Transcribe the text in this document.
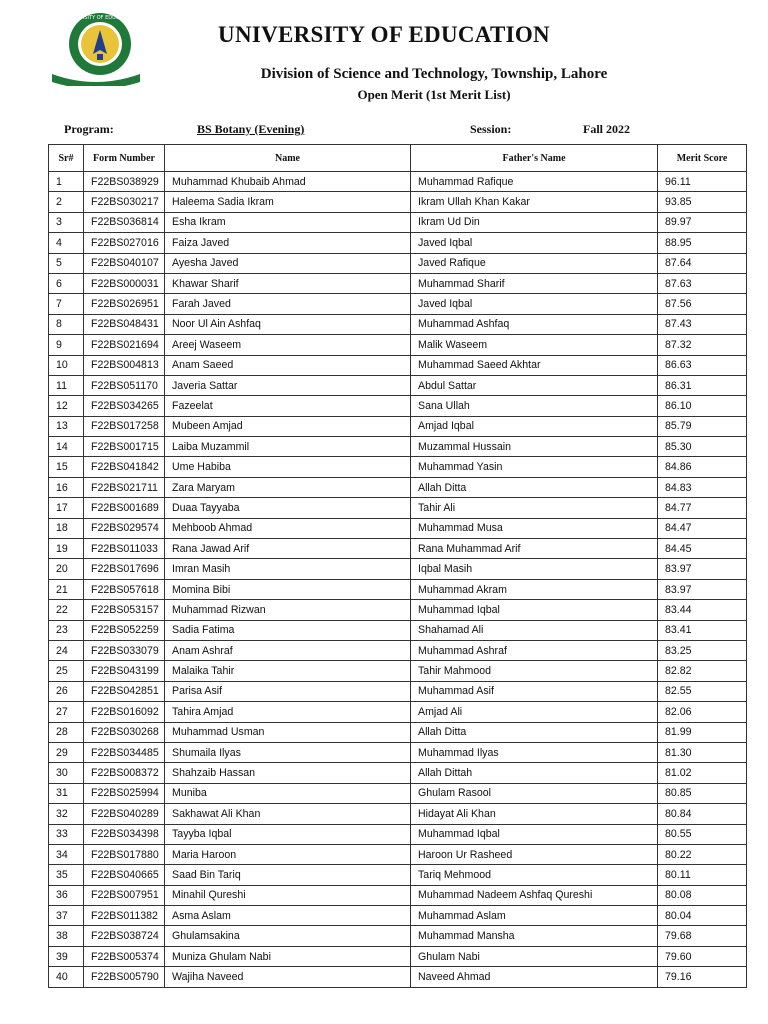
UNIVERSITY OF EDUCATION
UNIVERSITY OF EDUCATION
Division of Science and Technology, Township, Lahore
Open Merit (1st Merit List)
Program:	BS Botany (Evening)	Session:	Fall 2022
Sr#	Form Number	Name	Father's Name	Merit Score
1	F22BS038929	Muhammad Khubaib Ahmad	Muhammad Rafique	96.11
2	F22BS030217	Haleema Sadia Ikram	Ikram Ullah Khan Kakar	93.85
3	F22BS036814	Esha Ikram	Ikram Ud Din	89.97
4	F22BS027016	Faiza Javed	Javed Iqbal	88.95
5	F22BS040107	Ayesha Javed	Javed Rafique	87.64
6	F22BS000031	Khawar Sharif	Muhammad Sharif	87.63
7	F22BS026951	Farah Javed	Javed Iqbal	87.56
8	F22BS048431	Noor Ul Ain Ashfaq	Muhammad Ashfaq	87.43
9	F22BS021694	Areej Waseem	Malik Waseem	87.32
10	F22BS004813	Anam Saeed	Muhammad Saeed Akhtar	86.63
11	F22BS051170	Javeria Sattar	Abdul Sattar	86.31
12	F22BS034265	Fazeelat	Sana Ullah	86.10
13	F22BS017258	Mubeen Amjad	Amjad Iqbal	85.79
14	F22BS001715	Laiba Muzammil	Muzammal Hussain	85.30
15	F22BS041842	Ume Habiba	Muhammad Yasin	84.86
16	F22BS021711	Zara Maryam	Allah Ditta	84.83
17	F22BS001689	Duaa Tayyaba	Tahir Ali	84.77
18	F22BS029574	Mehboob Ahmad	Muhammad Musa	84.47
19	F22BS011033	Rana Jawad Arif	Rana Muhammad Arif	84.45
20	F22BS017696	Imran Masih	Iqbal Masih	83.97
21	F22BS057618	Momina Bibi	Muhammad Akram	83.97
22	F22BS053157	Muhammad Rizwan	Muhammad Iqbal	83.44
23	F22BS052259	Sadia Fatima	Shahamad Ali	83.41
24	F22BS033079	Anam Ashraf	Muhammad Ashraf	83.25
25	F22BS043199	Malaika Tahir	Tahir Mahmood	82.82
26	F22BS042851	Parisa Asif	Muhammad Asif	82.55
27	F22BS016092	Tahira Amjad	Amjad Ali	82.06
28	F22BS030268	Muhammad Usman	Allah Ditta	81.99
29	F22BS034485	Shumaila Ilyas	Muhammad Ilyas	81.30
30	F22BS008372	Shahzaib Hassan	Allah Dittah	81.02
31	F22BS025994	Muniba	Ghulam Rasool	80.85
32	F22BS040289	Sakhawat Ali Khan	Hidayat Ali Khan	80.84
33	F22BS034398	Tayyba Iqbal	Muhammad Iqbal	80.55
34	F22BS017880	Maria Haroon	Haroon Ur Rasheed	80.22
35	F22BS040665	Saad Bin Tariq	Tariq Mehmood	80.11
36	F22BS007951	Minahil Qureshi	Muhammad Nadeem Ashfaq Qureshi	80.08
37	F22BS011382	Asma Aslam	Muhammad Aslam	80.04
38	F22BS038724	Ghulamsakina	Muhammad Mansha	79.68
39	F22BS005374	Muniza Ghulam Nabi	Ghulam Nabi	79.60
40	F22BS005790	Wajiha Naveed	Naveed Ahmad	79.16
